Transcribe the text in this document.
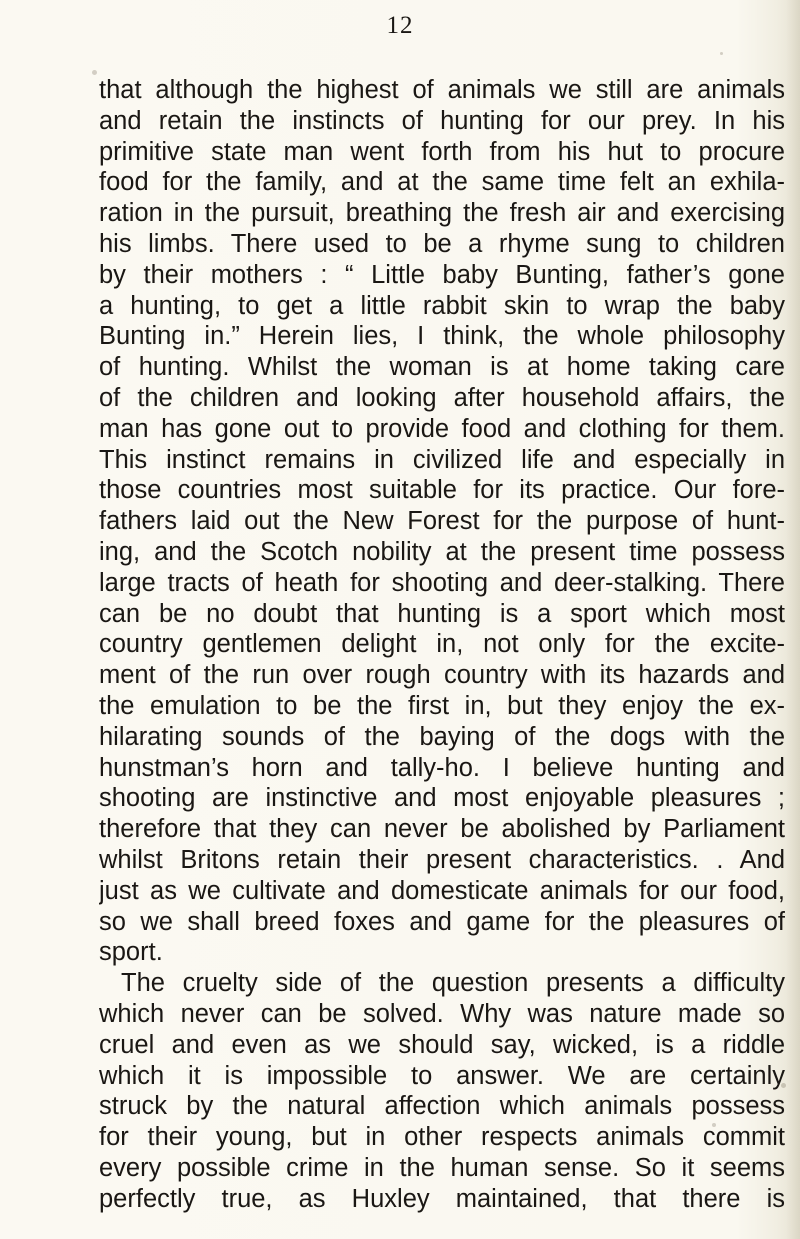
12
that although the highest of animals we still are animals
and retain the instincts of hunting for our prey. In his
primitive state man went forth from his hut to procure
food for the family, and at the same time felt an exhila-
ration in the pursuit, breathing the fresh air and exercising
his limbs. There used to be a rhyme sung to children
by their mothers : “ Little baby Bunting, father’s gone
a hunting, to get a little rabbit skin to wrap the baby
Bunting in.” Herein lies, I think, the whole philosophy
of hunting. Whilst the woman is at home taking care
of the children and looking after household affairs, the
man has gone out to provide food and clothing for them.
This instinct remains in civilized life and especially in
those countries most suitable for its practice. Our fore-
fathers laid out the New Forest for the purpose of hunt-
ing, and the Scotch nobility at the present time possess
large tracts of heath for shooting and deer-stalking. There
can be no doubt that hunting is a sport which most
country gentlemen delight in, not only for the excite-
ment of the run over rough country with its hazards and
the emulation to be the first in, but they enjoy the ex-
hilarating sounds of the baying of the dogs with the
hunstman’s horn and tally-ho. I believe hunting and
shooting are instinctive and most enjoyable pleasures ;
therefore that they can never be abolished by Parliament
whilst Britons retain their present characteristics. . And
just as we cultivate and domesticate animals for our food,
so we shall breed foxes and game for the pleasures of
sport.
The cruelty side of the question presents a difficulty
which never can be solved. Why was nature made so
cruel and even as we should say, wicked, is a riddle
which it is impossible to answer. We are certainly
struck by the natural affection which animals possess
for their young, but in other respects animals commit
every possible crime in the human sense. So it seems
perfectly true, as Huxley maintained, that there is
